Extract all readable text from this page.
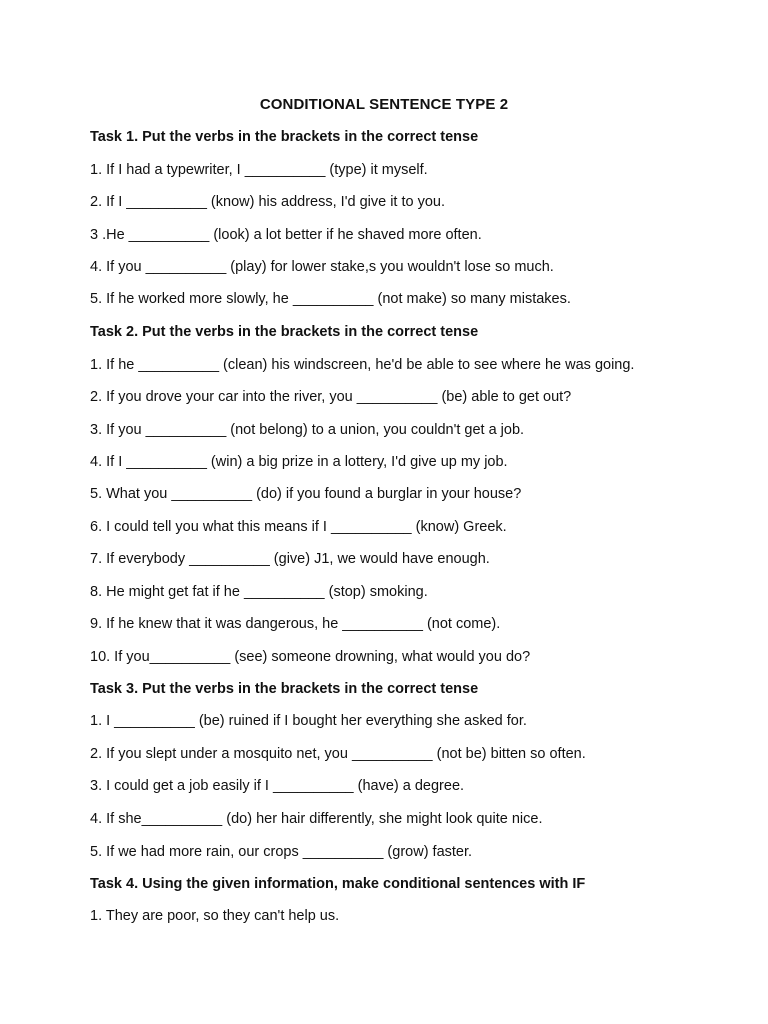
CONDITIONAL SENTENCE TYPE 2
Task 1. Put the verbs in the brackets in the correct tense
1. If I had a typewriter, I __________ (type) it myself.
2. If I __________ (know) his address, I'd give it to you.
3 .He __________ (look) a lot better if he shaved more often.
4. If you __________ (play) for lower stake,s you wouldn't lose so much.
5. If he worked more slowly, he __________ (not make) so many mistakes.
Task 2. Put the verbs in the brackets in the correct tense
1. If he __________ (clean) his windscreen, he'd be able to see where he was going.
2. If you drove your car into the river, you __________ (be) able to get out?
3. If you __________ (not belong) to a union, you couldn't get a job.
4. If I __________ (win) a big prize in a lottery, I'd give up my job.
5. What you __________ (do) if you found a burglar in your house?
6. I could tell you what this means if I __________ (know) Greek.
7. If everybody __________ (give) J1, we would have enough.
8. He might get fat if he __________ (stop) smoking.
9. If he knew that it was dangerous, he __________ (not come).
10. If you__________ (see) someone drowning, what would you do?
Task 3. Put the verbs in the brackets in the correct tense
1. I __________ (be) ruined if I bought her everything she asked for.
2. If you slept under a mosquito net, you __________ (not be) bitten so often.
3. I could get a job easily if I __________ (have) a degree.
4. If she__________ (do) her hair differently, she might look quite nice.
5. If we had more rain, our crops __________ (grow) faster.
Task 4. Using the given information, make conditional sentences with IF
1. They are poor, so they can't help us.
